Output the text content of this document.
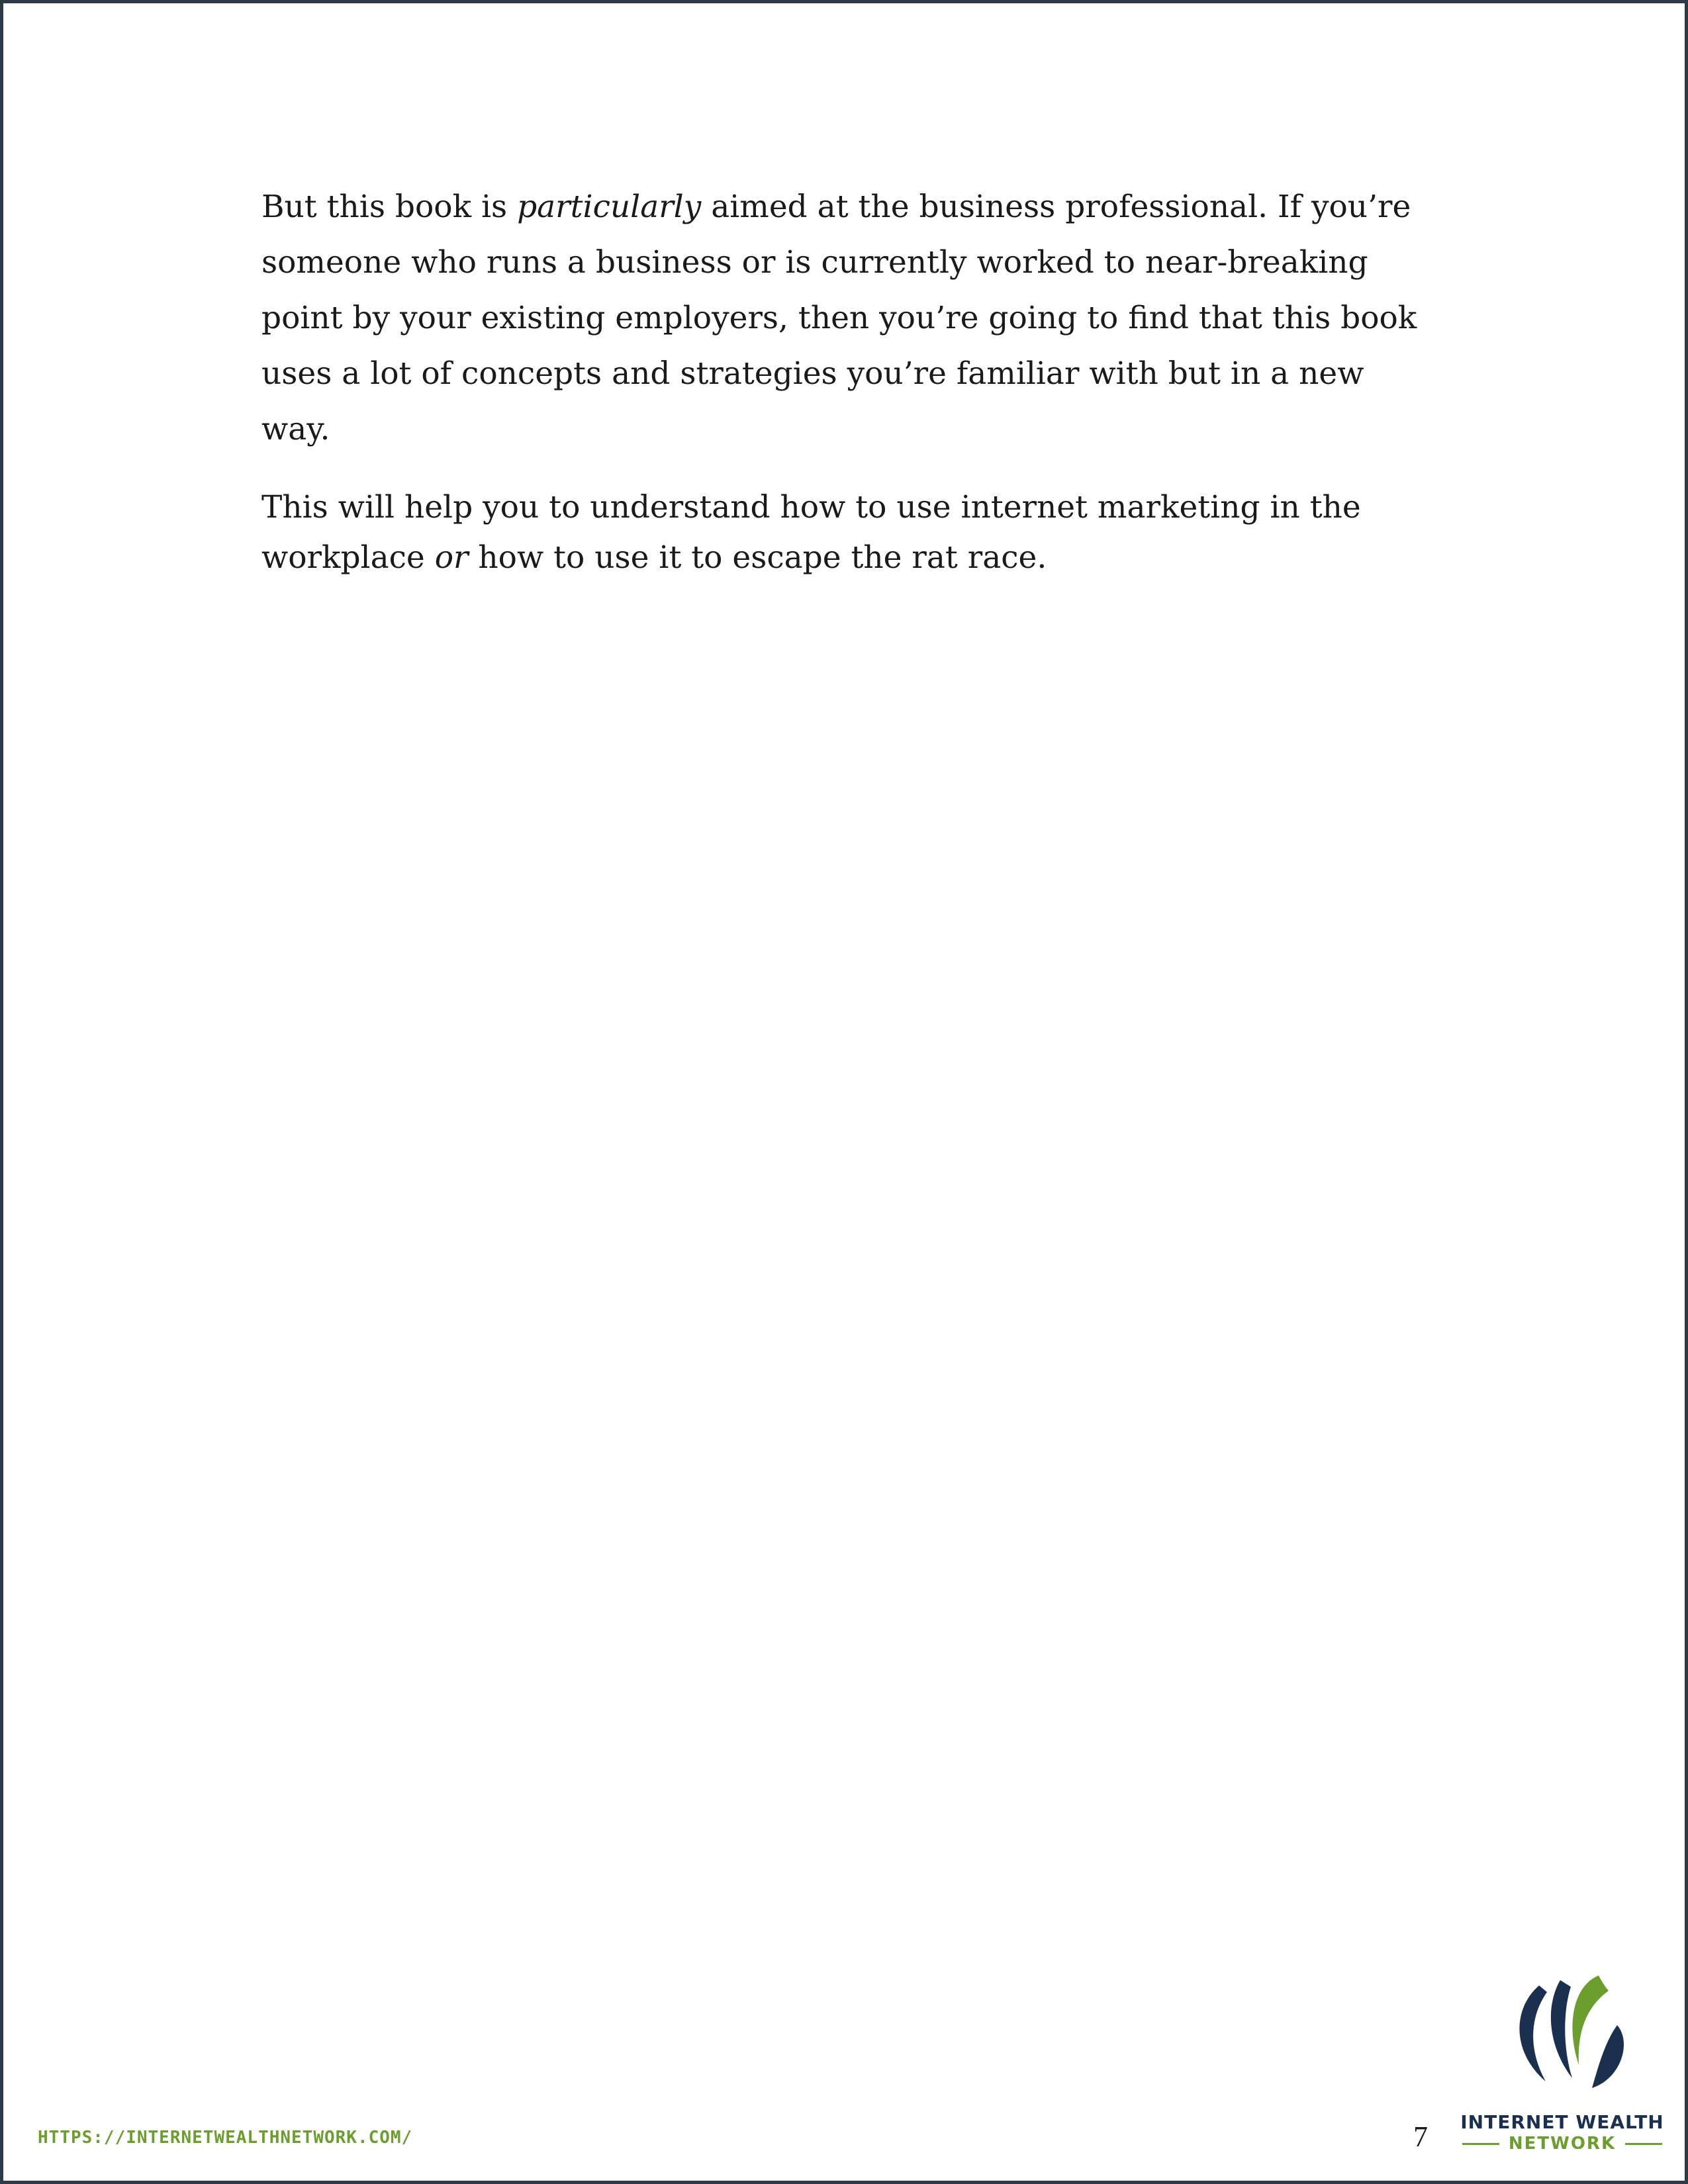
But this book is particularly aimed at the business professional. If you’re someone who runs a business or is currently worked to near-breaking point by your existing employers, then you’re going to find that this book uses a lot of concepts and strategies you’re familiar with but in a new way.

This will help you to understand how to use internet marketing in the workplace or how to use it to escape the rat race.

HTTPS://INTERNETWEALTHNETWORK.COM/	7	INTERNET WEALTH
NETWORK
